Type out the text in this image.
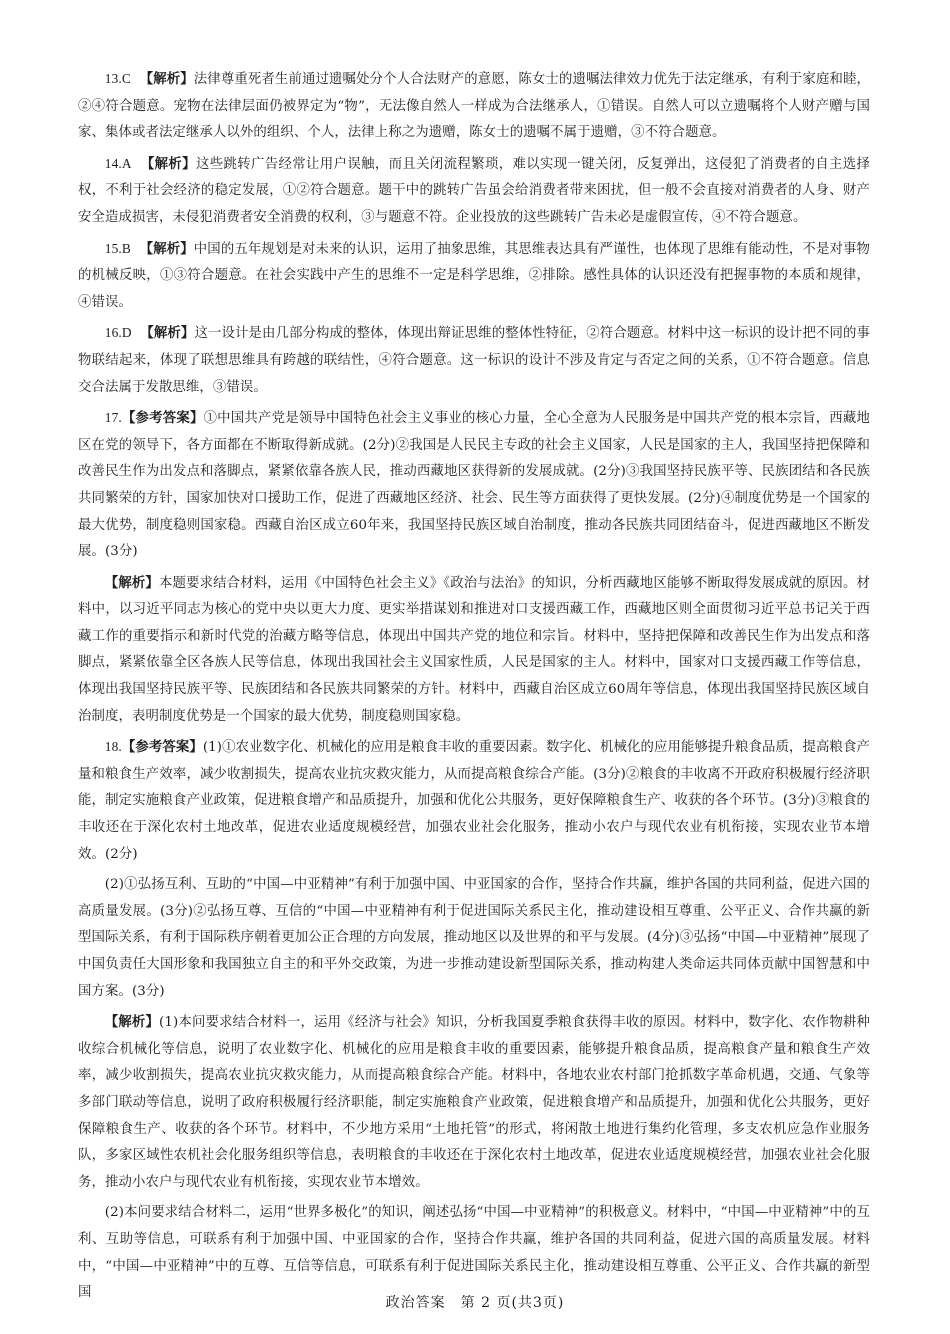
13.C 【解析】法律尊重死者生前通过遗嘱处分个人合法财产的意愿，陈女士的遗嘱法律效力优先于法定继承，有利于家庭和睦，②④符合题意。宠物在法律层面仍被界定为“物”，无法像自然人一样成为合法继承人，①错误。自然人可以立遗嘱将个人财产赠与国家、集体或者法定继承人以外的组织、个人，法律上称之为遗赠，陈女士的遗嘱不属于遗赠，③不符合题意。

14.A 【解析】这些跳转广告经常让用户误触，而且关闭流程繁琐，难以实现一键关闭，反复弹出，这侵犯了消费者的自主选择权，不利于社会经济的稳定发展，①②符合题意。题干中的跳转广告虽会给消费者带来困扰，但一般不会直接对消费者的人身、财产安全造成损害，未侵犯消费者安全消费的权利，③与题意不符。企业投放的这些跳转广告未必是虚假宣传，④不符合题意。

15.B 【解析】中国的五年规划是对未来的认识，运用了抽象思维，其思维表达具有严谨性，也体现了思维有能动性，不是对事物的机械反映，①③符合题意。在社会实践中产生的思维不一定是科学思维，②排除。感性具体的认识还没有把握事物的本质和规律，④错误。

16.D 【解析】这一设计是由几部分构成的整体，体现出辩证思维的整体性特征，②符合题意。材料中这一标识的设计把不同的事物联结起来，体现了联想思维具有跨越的联结性，④符合题意。这一标识的设计不涉及肯定与否定之间的关系，①不符合题意。信息交合法属于发散思维，③错误。

17.【参考答案】①中国共产党是领导中国特色社会主义事业的核心力量，全心全意为人民服务是中国共产党的根本宗旨，西藏地区在党的领导下，各方面都在不断取得新成就。(2分)②我国是人民民主专政的社会主义国家，人民是国家的主人，我国坚持把保障和改善民生作为出发点和落脚点，紧紧依靠各族人民，推动西藏地区获得新的发展成就。(2分)③我国坚持民族平等、民族团结和各民族共同繁荣的方针，国家加快对口援助工作，促进了西藏地区经济、社会、民生等方面获得了更快发展。(2分)④制度优势是一个国家的最大优势，制度稳则国家稳。西藏自治区成立60年来，我国坚持民族区域自治制度，推动各民族共同团结奋斗，促进西藏地区不断发展。(3分)

【解析】本题要求结合材料，运用《中国特色社会主义》《政治与法治》的知识，分析西藏地区能够不断取得发展成就的原因。材料中，以习近平同志为核心的党中央以更大力度、更实举措谋划和推进对口支援西藏工作，西藏地区则全面贯彻习近平总书记关于西藏工作的重要指示和新时代党的治藏方略等信息，体现出中国共产党的地位和宗旨。材料中，坚持把保障和改善民生作为出发点和落脚点，紧紧依靠全区各族人民等信息，体现出我国社会主义国家性质，人民是国家的主人。材料中，国家对口支援西藏工作等信息，体现出我国坚持民族平等、民族团结和各民族共同繁荣的方针。材料中，西藏自治区成立60周年等信息，体现出我国坚持民族区域自治制度，表明制度优势是一个国家的最大优势，制度稳则国家稳。

18.【参考答案】(1)①农业数字化、机械化的应用是粮食丰收的重要因素。数字化、机械化的应用能够提升粮食品质，提高粮食产量和粮食生产效率，减少收割损失，提高农业抗灾救灾能力，从而提高粮食综合产能。(3分)②粮食的丰收离不开政府积极履行经济职能，制定实施粮食产业政策，促进粮食增产和品质提升，加强和优化公共服务，更好保障粮食生产、收获的各个环节。(3分)③粮食的丰收还在于深化农村土地改革，促进农业适度规模经营，加强农业社会化服务，推动小农户与现代农业有机衔接，实现农业节本增效。(2分)

(2)①弘扬互利、互助的“中国—中亚精神”有利于加强中国、中亚国家的合作，坚持合作共赢，维护各国的共同利益，促进六国的高质量发展。(3分)②弘扬互尊、互信的“中国—中亚精神有利于促进国际关系民主化，推动建设相互尊重、公平正义、合作共赢的新型国际关系，有利于国际秩序朝着更加公正合理的方向发展，推动地区以及世界的和平与发展。(4分)③弘扬“中国—中亚精神”展现了中国负责任大国形象和我国独立自主的和平外交政策，为进一步推动建设新型国际关系，推动构建人类命运共同体贡献中国智慧和中国方案。(3分)

【解析】(1)本问要求结合材料一，运用《经济与社会》知识，分析我国夏季粮食获得丰收的原因。材料中，数字化、农作物耕种收综合机械化等信息，说明了农业数字化、机械化的应用是粮食丰收的重要因素，能够提升粮食品质，提高粮食产量和粮食生产效率，减少收割损失，提高农业抗灾救灾能力，从而提高粮食综合产能。材料中，各地农业农村部门抢抓数字革命机遇，交通、气象等多部门联动等信息，说明了政府积极履行经济职能，制定实施粮食产业政策，促进粮食增产和品质提升，加强和优化公共服务，更好保障粮食生产、收获的各个环节。材料中，不少地方采用“土地托管”的形式，将闲散土地进行集约化管理，多支农机应急作业服务队，多家区域性农机社会化服务组织等信息，表明粮食的丰收还在于深化农村土地改革，促进农业适度规模经营，加强农业社会化服务，推动小农户与现代农业有机衔接，实现农业节本增效。

(2)本问要求结合材料二，运用“世界多极化”的知识，阐述弘扬“中国—中亚精神”的积极意义。材料中，“中国—中亚精神”中的互利、互助等信息，可联系有利于加强中国、中亚国家的合作，坚持合作共赢，维护各国的共同利益，促进六国的高质量发展。材料中，“中国—中亚精神”中的互尊、互信等信息，可联系有利于促进国际关系民主化，推动建设相互尊重、公平正义、合作共赢的新型国

政治答案　第 2 页(共3页)
